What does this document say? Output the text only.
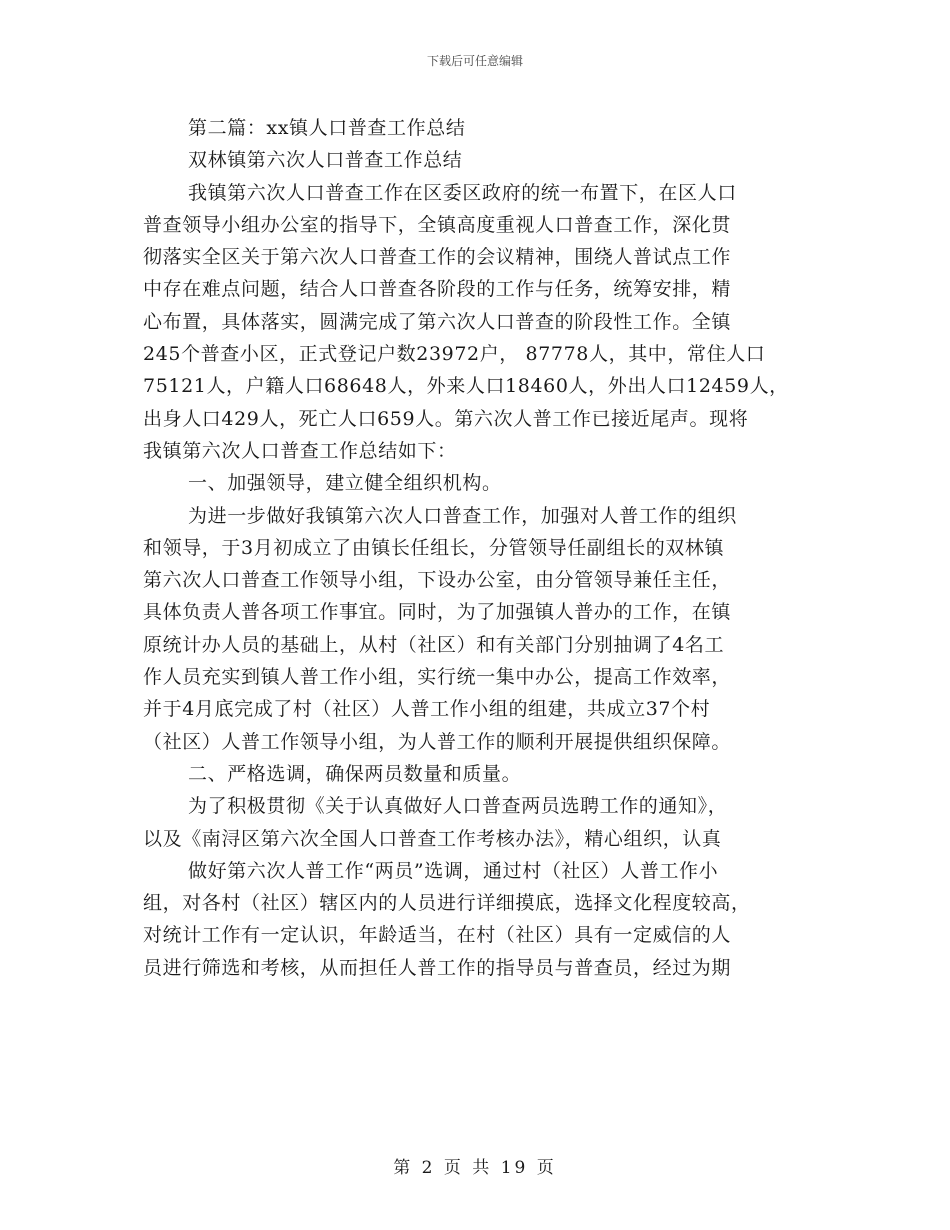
下载后可任意编辑
第二篇：xx镇人口普查工作总结
双林镇第六次人口普查工作总结
我镇第六次人口普查工作在区委区政府的统一布置下，在区人口
普查领导小组办公室的指导下，全镇高度重视人口普查工作，深化贯
彻落实全区关于第六次人口普查工作的会议精神，围绕人普试点工作
中存在难点问题，结合人口普查各阶段的工作与任务，统筹安排，精
心布置，具体落实，圆满完成了第六次人口普查的阶段性工作。全镇
245个普查小区，正式登记户数23972户， 87778人，其中，常住人口
75121人，户籍人口68648人，外来人口18460人，外出人口12459人，
出身人口429人，死亡人口659人。第六次人普工作已接近尾声。现将
我镇第六次人口普查工作总结如下：
一、加强领导，建立健全组织机构。
为进一步做好我镇第六次人口普查工作，加强对人普工作的组织
和领导，于3月初成立了由镇长任组长，分管领导任副组长的双林镇
第六次人口普查工作领导小组，下设办公室，由分管领导兼任主任，
具体负责人普各项工作事宜。同时，为了加强镇人普办的工作，在镇
原统计办人员的基础上，从村（社区）和有关部门分别抽调了4名工
作人员充实到镇人普工作小组，实行统一集中办公，提高工作效率，
并于4月底完成了村（社区）人普工作小组的组建，共成立37个村
（社区）人普工作领导小组，为人普工作的顺利开展提供组织保障。
二、严格选调，确保两员数量和质量。
为了积极贯彻《关于认真做好人口普查两员选聘工作的通知》，
以及《南浔区第六次全国人口普查工作考核办法》，精心组织，认真
做好第六次人普工作“两员”选调，通过村（社区）人普工作小
组，对各村（社区）辖区内的人员进行详细摸底，选择文化程度较高，
对统计工作有一定认识，年龄适当，在村（社区）具有一定威信的人
员进行筛选和考核，从而担任人普工作的指导员与普查员，经过为期
第 2 页 共 19 页
